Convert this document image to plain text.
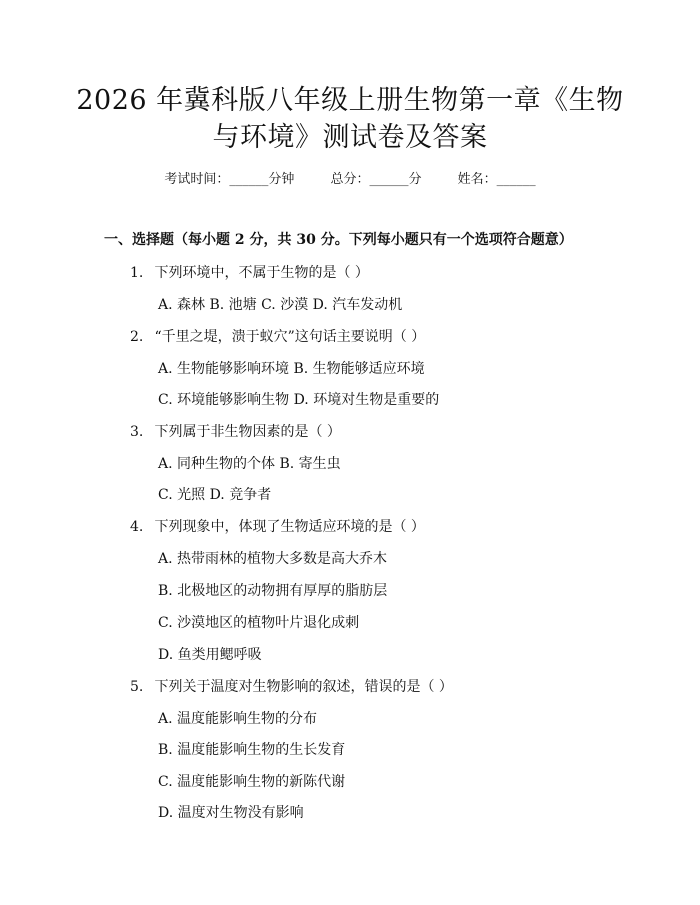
2026 年冀科版八年级上册生物第一章《生物
与环境》测试卷及答案
考试时间：______分钟	总分：______分	姓名：______
一、选择题（每小题 2 分，共 30 分。下列每小题只有一个选项符合题意）
1. 下列环境中，不属于生物的是（ ）
A. 森林 B. 池塘 C. 沙漠 D. 汽车发动机
2. “千里之堤，溃于蚁穴”这句话主要说明（ ）
A. 生物能够影响环境 B. 生物能够适应环境
C. 环境能够影响生物 D. 环境对生物是重要的
3. 下列属于非生物因素的是（ ）
A. 同种生物的个体 B. 寄生虫
C. 光照 D. 竞争者
4. 下列现象中，体现了生物适应环境的是（ ）
A. 热带雨林的植物大多数是高大乔木
B. 北极地区的动物拥有厚厚的脂肪层
C. 沙漠地区的植物叶片退化成刺
D. 鱼类用鳃呼吸
5. 下列关于温度对生物影响的叙述，错误的是（ ）
A. 温度能影响生物的分布
B. 温度能影响生物的生长发育
C. 温度能影响生物的新陈代谢
D. 温度对生物没有影响
